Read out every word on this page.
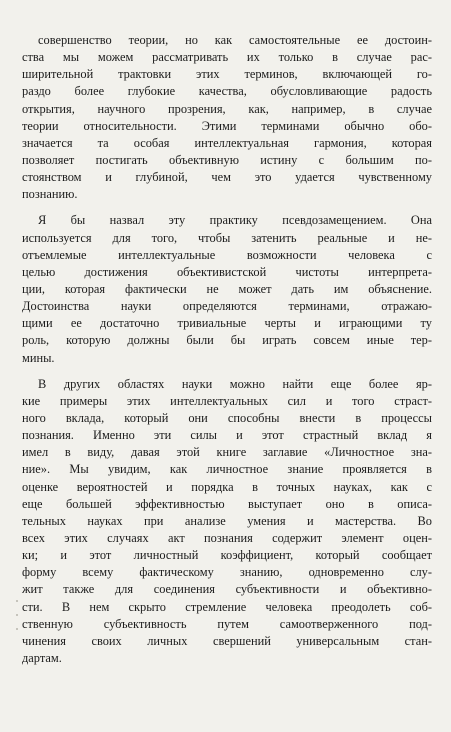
совершенство теории, но как самостоятельные ее достоин-
ства мы можем рассматривать их только в случае рас-
ширительной трактовки этих терминов, включающей го-
раздо более глубокие качества, обусловливающие радость
открытия, научного прозрения, как, например, в случае
теории относительности. Этими терминами обычно обо-
значается та особая интеллектуальная гармония, которая
позволяет постигать объективную истину с большим по-
стоянством и глубиной, чем это удается чувственному
познанию.
Я бы назвал эту практику псевдозамещением. Она
используется для того, чтобы затенить реальные и не-
отъемлемые интеллектуальные возможности человека с
целью достижения объективистской чистоты интерпрета-
ции, которая фактически не может дать им объяснение.
Достоинства науки определяются терминами, отражаю-
щими ее достаточно тривиальные черты и играющими ту
роль, которую должны были бы играть совсем иные тер-
мины.
В других областях науки можно найти еще более яр-
кие примеры этих интеллектуальных сил и того страст-
ного вклада, который они способны внести в процессы
познания. Именно эти силы и этот страстный вклад я
имел в виду, давая этой книге заглавие «Личностное зна-
ние». Мы увидим, как личностное знание проявляется в
оценке вероятностей и порядка в точных науках, как с
еще большей эффективностью выступает оно в описа-
тельных науках при анализе умения и мастерства. Во
всех этих случаях акт познания содержит элемент оцен-
ки; и этот личностный коэффициент, который сообщает
форму всему фактическому знанию, одновременно слу-
жит также для соединения субъективности и объективно-
сти. В нем скрыто стремление человека преодолеть соб-
ственную субъективность путем самоотверженного под-
чинения своих личных свершений универсальным стан-
дартам.
